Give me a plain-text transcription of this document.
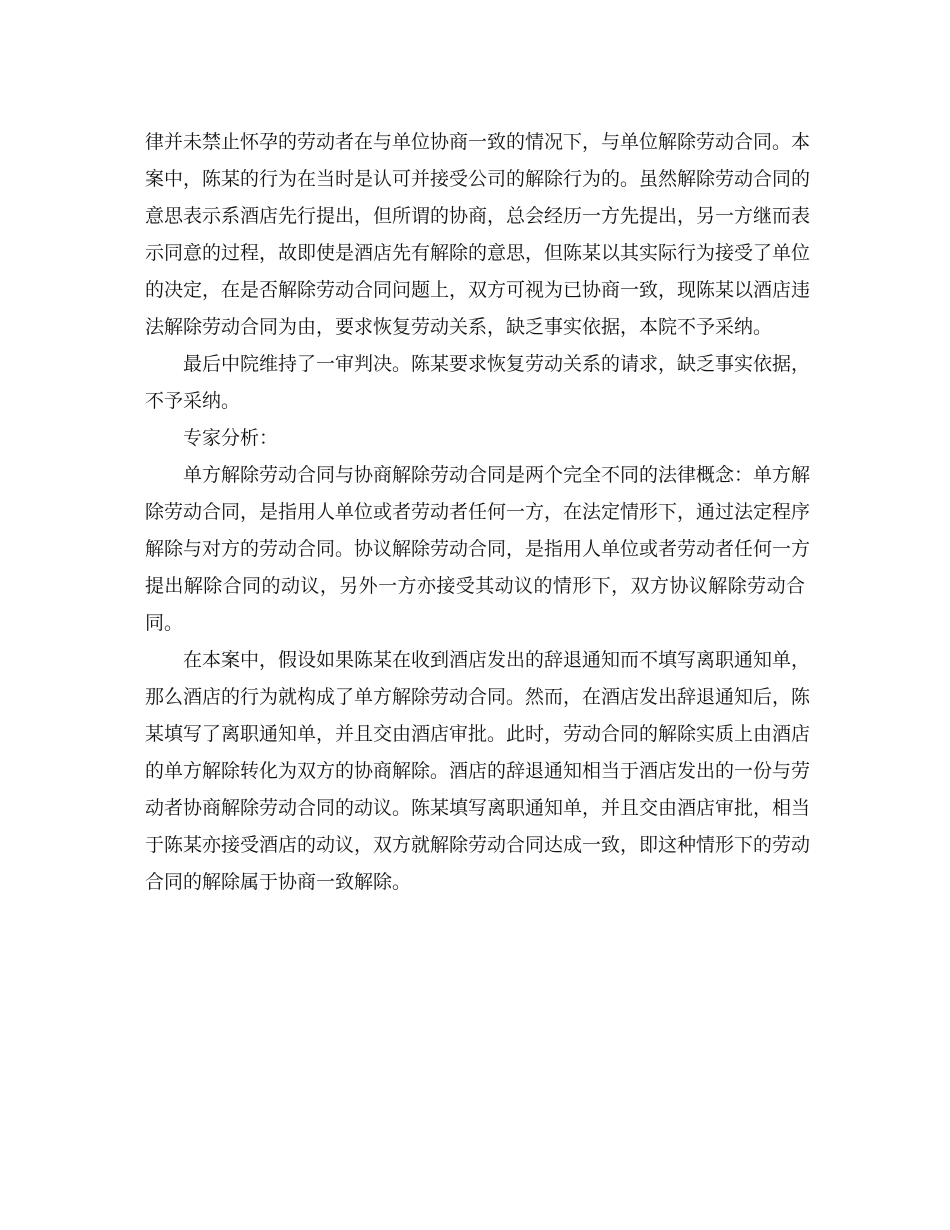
律并未禁止怀孕的劳动者在与单位协商一致的情况下，与单位解除劳动合同。本
案中，陈某的行为在当时是认可并接受公司的解除行为的。虽然解除劳动合同的
意思表示系酒店先行提出，但所谓的协商，总会经历一方先提出，另一方继而表
示同意的过程，故即使是酒店先有解除的意思，但陈某以其实际行为接受了单位
的决定，在是否解除劳动合同问题上，双方可视为已协商一致，现陈某以酒店违
法解除劳动合同为由，要求恢复劳动关系，缺乏事实依据，本院不予采纳。

最后中院维持了一审判决。陈某要求恢复劳动关系的请求，缺乏事实依据，
不予采纳。

专家分析：

单方解除劳动合同与协商解除劳动合同是两个完全不同的法律概念：单方解
除劳动合同，是指用人单位或者劳动者任何一方，在法定情形下，通过法定程序
解除与对方的劳动合同。协议解除劳动合同，是指用人单位或者劳动者任何一方
提出解除合同的动议，另外一方亦接受其动议的情形下，双方协议解除劳动合
同。

在本案中，假设如果陈某在收到酒店发出的辞退通知而不填写离职通知单，
那么酒店的行为就构成了单方解除劳动合同。然而，在酒店发出辞退通知后，陈
某填写了离职通知单，并且交由酒店审批。此时，劳动合同的解除实质上由酒店
的单方解除转化为双方的协商解除。酒店的辞退通知相当于酒店发出的一份与劳
动者协商解除劳动合同的动议。陈某填写离职通知单，并且交由酒店审批，相当
于陈某亦接受酒店的动议，双方就解除劳动合同达成一致，即这种情形下的劳动
合同的解除属于协商一致解除。
